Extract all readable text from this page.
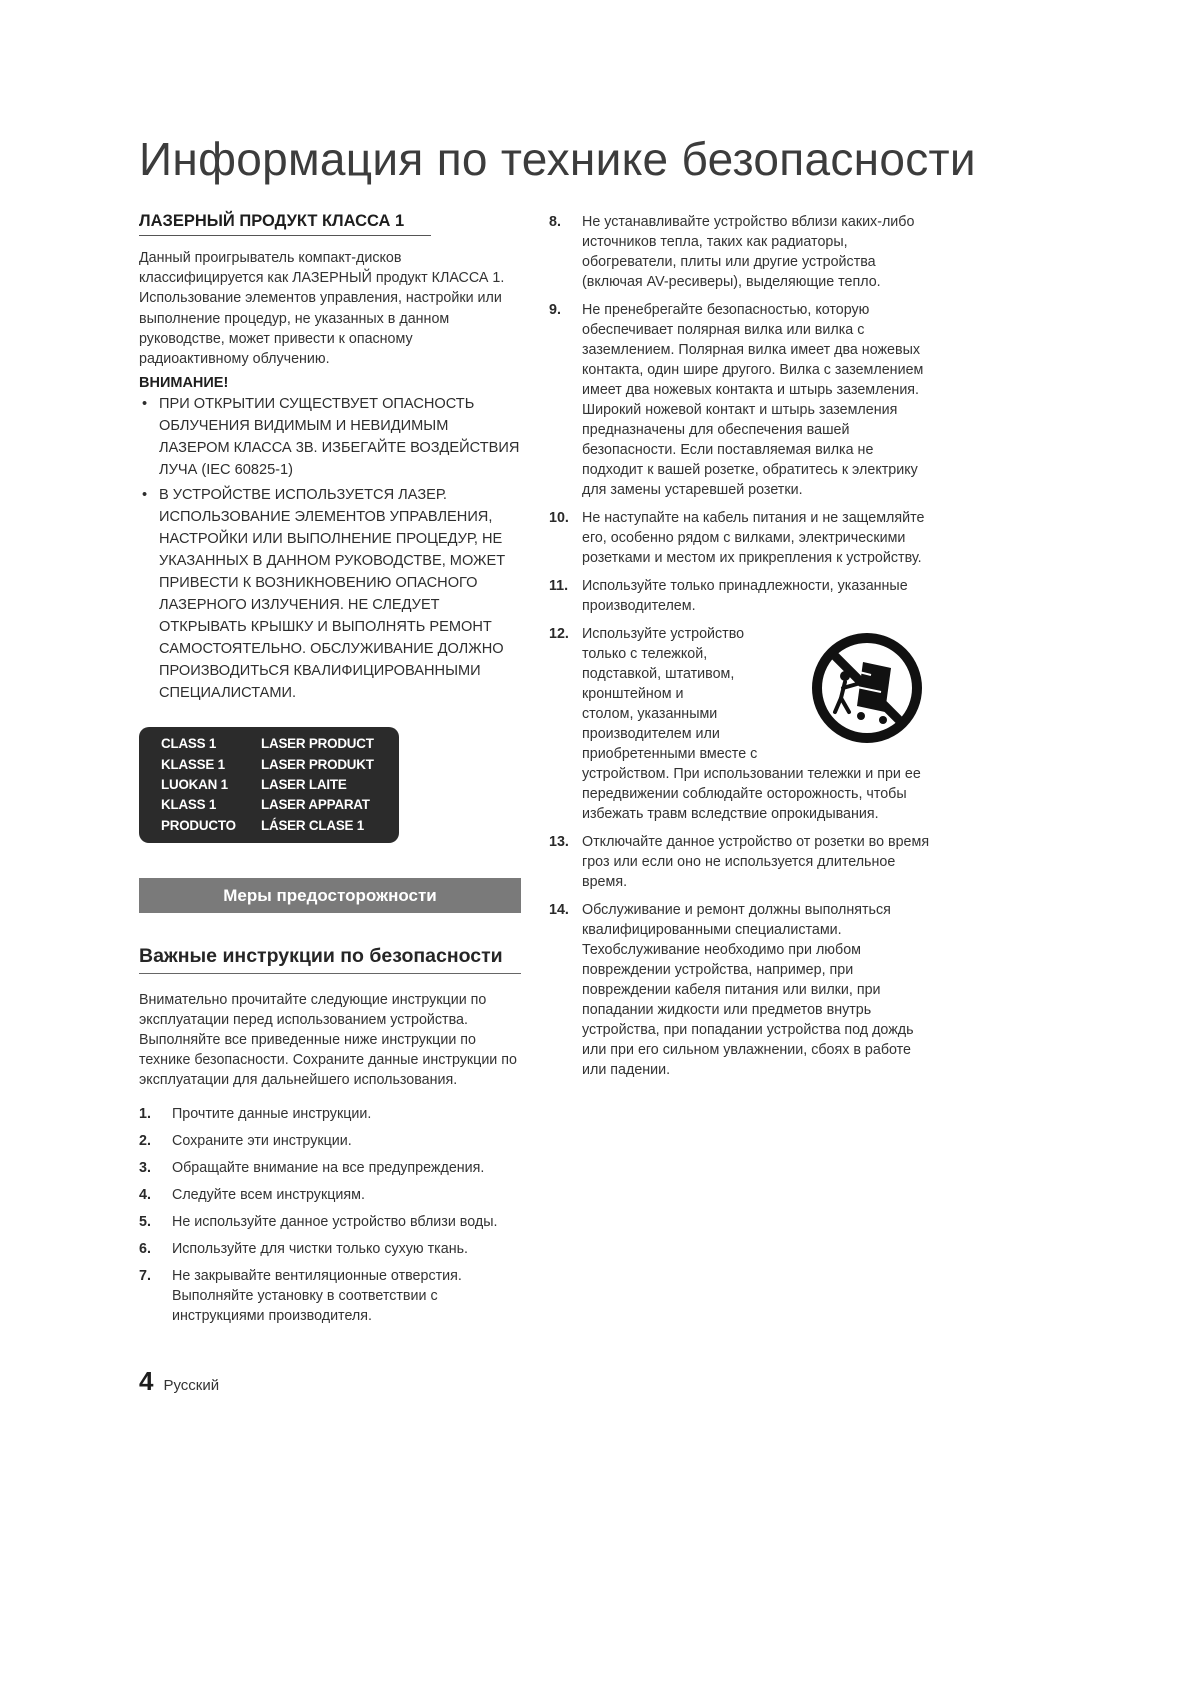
Информация по технике безопасности
ЛАЗЕРНЫЙ ПРОДУКТ КЛАССА 1

Данный проигрыватель компакт-дисков классифицируется как ЛАЗЕРНЫЙ продукт КЛАССА 1. Использование элементов управления, настройки или выполнение процедур, не указанных в данном руководстве, может привести к опасному радиоактивному облучению.

ВНИМАНИЕ!
• ПРИ ОТКРЫТИИ СУЩЕСТВУЕТ ОПАСНОСТЬ ОБЛУЧЕНИЯ ВИДИМЫМ И НЕВИДИМЫМ ЛАЗЕРОМ КЛАССА 3В. ИЗБЕГАЙТЕ ВОЗДЕЙСТВИЯ ЛУЧА (IEC 60825-1)
• В УСТРОЙСТВЕ ИСПОЛЬЗУЕТСЯ ЛАЗЕР. ИСПОЛЬЗОВАНИЕ ЭЛЕМЕНТОВ УПРАВЛЕНИЯ, НАСТРОЙКИ ИЛИ ВЫПОЛНЕНИЕ ПРОЦЕДУР, НЕ УКАЗАННЫХ В ДАННОМ РУКОВОДСТВЕ, МОЖЕТ ПРИВЕСТИ К ВОЗНИКНОВЕНИЮ ОПАСНОГО ЛАЗЕРНОГО ИЗЛУЧЕНИЯ. НЕ СЛЕДУЕТ ОТКРЫВАТЬ КРЫШКУ И ВЫПОЛНЯТЬ РЕМОНТ САМОСТОЯТЕЛЬНО. ОБСЛУЖИВАНИЕ ДОЛЖНО ПРОИЗВОДИТЬСЯ КВАЛИФИЦИРОВАННЫМИ СПЕЦИАЛИСТАМИ.
CLASS 1	LASER PRODUCT
KLASSE 1	LASER PRODUKT
LUOKAN 1	LASER LAITE
KLASS 1	LASER APPARAT
PRODUCTO	LÁSER CLASE 1
Меры предосторожности
Важные инструкции по безопасности

Внимательно прочитайте следующие инструкции по эксплуатации перед использованием устройства. Выполняйте все приведенные ниже инструкции по технике безопасности. Сохраните данные инструкции по эксплуатации для дальнейшего использования.

1. Прочтите данные инструкции.
2. Сохраните эти инструкции.
3. Обращайте внимание на все предупреждения.
4. Следуйте всем инструкциям.
5. Не используйте данное устройство вблизи воды.
6. Используйте для чистки только сухую ткань.
7. Не закрывайте вентиляционные отверстия. Выполняйте установку в соответствии с инструкциями производителя.
8. Не устанавливайте устройство вблизи каких-либо источников тепла, таких как радиаторы, обогреватели, плиты или другие устройства (включая AV-ресиверы), выделяющие тепло.
9. Не пренебрегайте безопасностью, которую обеспечивает полярная вилка или вилка с заземлением. Полярная вилка имеет два ножевых контакта, один шире другого. Вилка с заземлением имеет два ножевых контакта и штырь заземления. Широкий ножевой контакт и штырь заземления предназначены для обеспечения вашей безопасности. Если поставляемая вилка не подходит к вашей розетке, обратитесь к электрику для замены устаревшей розетки.
10. Не наступайте на кабель питания и не защемляйте его, особенно рядом с вилками, электрическими розетками и местом их прикрепления к устройству.
11. Используйте только принадлежности, указанные производителем.
12. Используйте устройство
только с тележкой,
подставкой, штативом,
кронштейном и
столом, указанными
производителем или
приобретенными вместе с
устройством. При использовании тележки и при ее передвижении соблюдайте осторожность, чтобы избежать травм вследствие опрокидывания.
13. Отключайте данное устройство от розетки во время гроз или если оно не используется длительное время.
14. Обслуживание и ремонт должны выполняться квалифицированными специалистами. Техобслуживание необходимо при любом повреждении устройства, например, при повреждении кабеля питания или вилки, при попадании жидкости или предметов внутрь устройства, при попадании устройства под дождь или при его сильном увлажнении, сбоях в работе или падении.
4 Русский
